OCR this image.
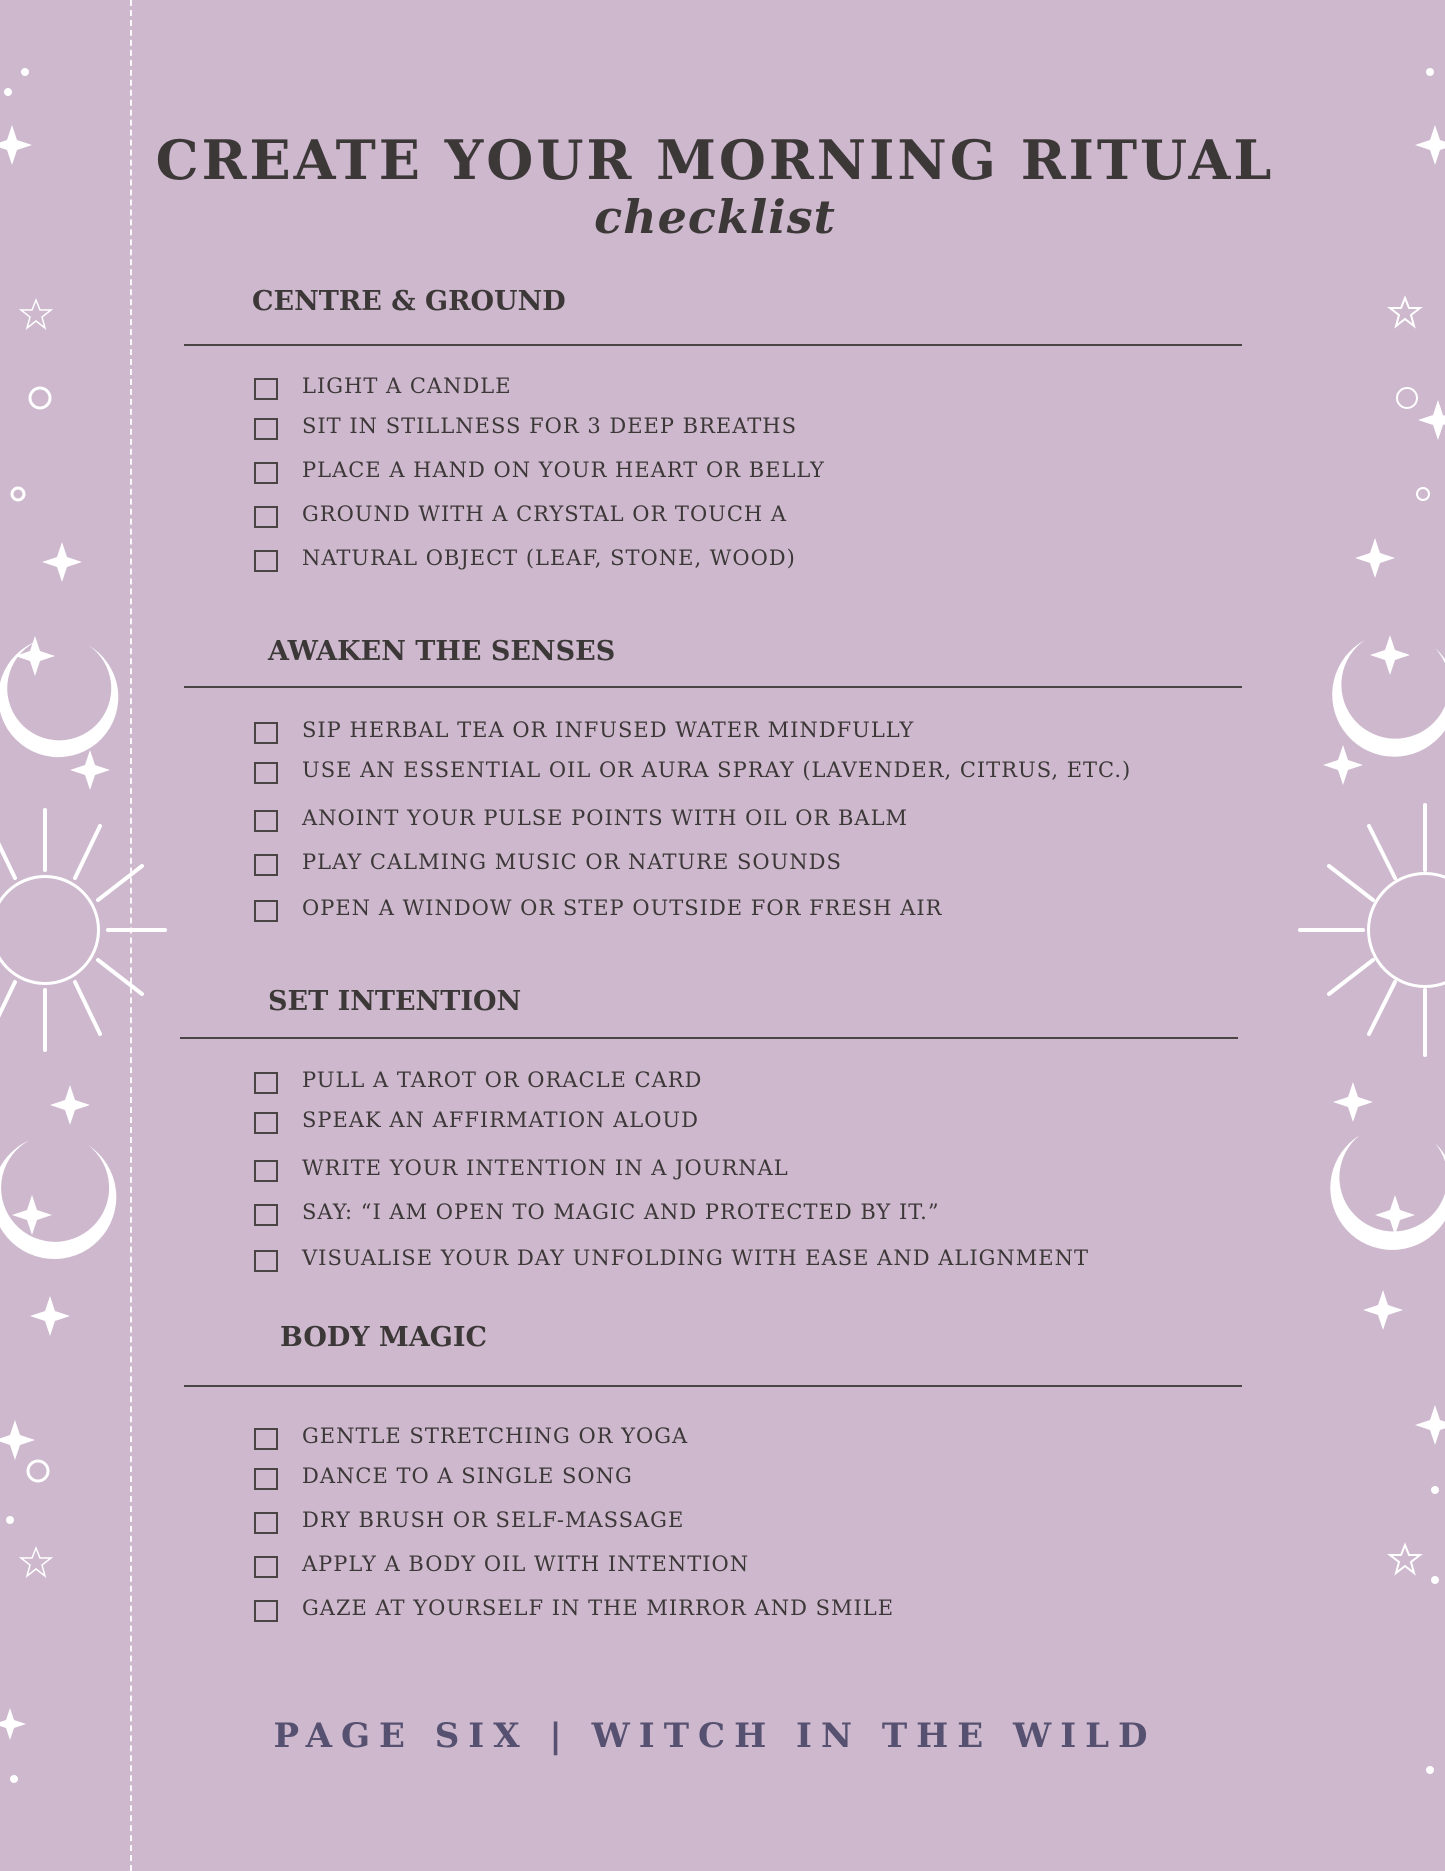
CREATE YOUR MORNING RITUAL
checklist
CENTRE & GROUND
LIGHT A CANDLE
SIT IN STILLNESS FOR 3 DEEP BREATHS
PLACE A HAND ON YOUR HEART OR BELLY
GROUND WITH A CRYSTAL OR TOUCH A
NATURAL OBJECT (LEAF, STONE, WOOD)
AWAKEN THE SENSES
SIP HERBAL TEA OR INFUSED WATER MINDFULLY
USE AN ESSENTIAL OIL OR AURA SPRAY (LAVENDER, CITRUS, ETC.)
ANOINT YOUR PULSE POINTS WITH OIL OR BALM
PLAY CALMING MUSIC OR NATURE SOUNDS
OPEN A WINDOW OR STEP OUTSIDE FOR FRESH AIR
SET INTENTION
PULL A TAROT OR ORACLE CARD
SPEAK AN AFFIRMATION ALOUD
WRITE YOUR INTENTION IN A JOURNAL
SAY: “I AM OPEN TO MAGIC AND PROTECTED BY IT.”
VISUALISE YOUR DAY UNFOLDING WITH EASE AND ALIGNMENT
BODY MAGIC
GENTLE STRETCHING OR YOGA
DANCE TO A SINGLE SONG
DRY BRUSH OR SELF-MASSAGE
APPLY A BODY OIL WITH INTENTION
GAZE AT YOURSELF IN THE MIRROR AND SMILE
PAGE SIX | WITCH IN THE WILD
